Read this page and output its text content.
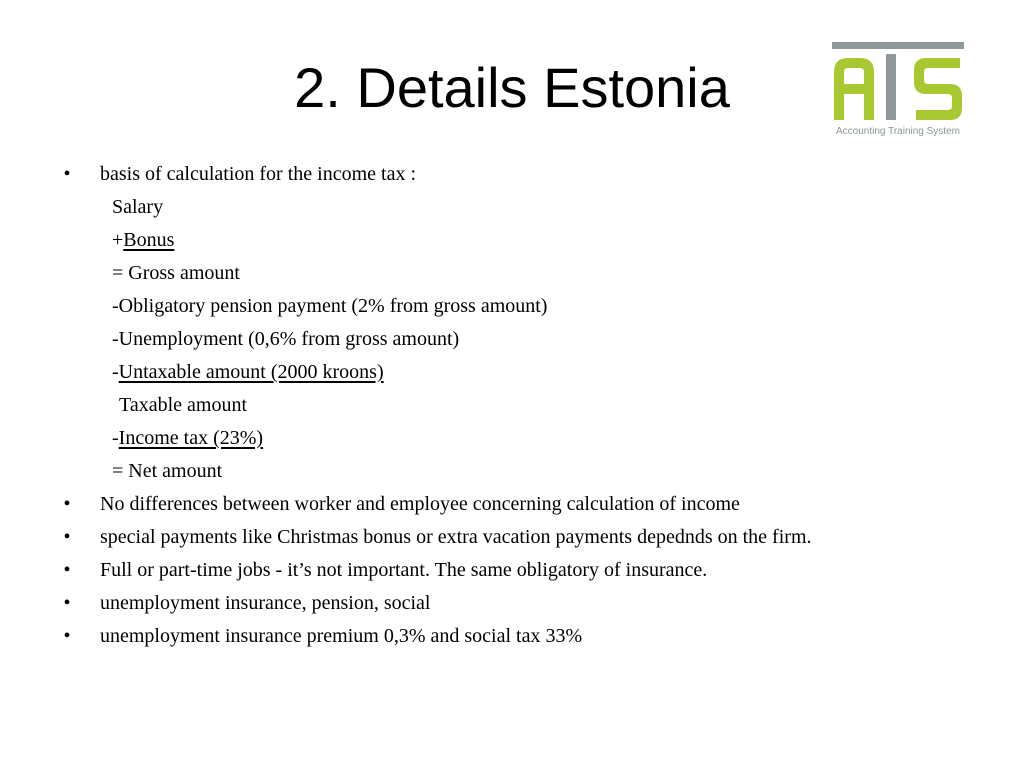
2. Details Estonia
Accounting Training System
• basis of calculation for the income tax :
Salary
+Bonus
= Gross amount
-Obligatory pension payment (2% from gross amount)
-Unemployment (0,6% from gross amount)
-Untaxable amount (2000 kroons)
Taxable amount
-Income tax (23%)
= Net amount
• No differences between worker and employee concerning calculation of income
• special payments like Christmas bonus or extra vacation payments depednds on the firm.
• Full or part-time jobs - it’s not important. The same obligatory of insurance.
• unemployment insurance, pension, social
• unemployment insurance premium 0,3% and social tax 33%
